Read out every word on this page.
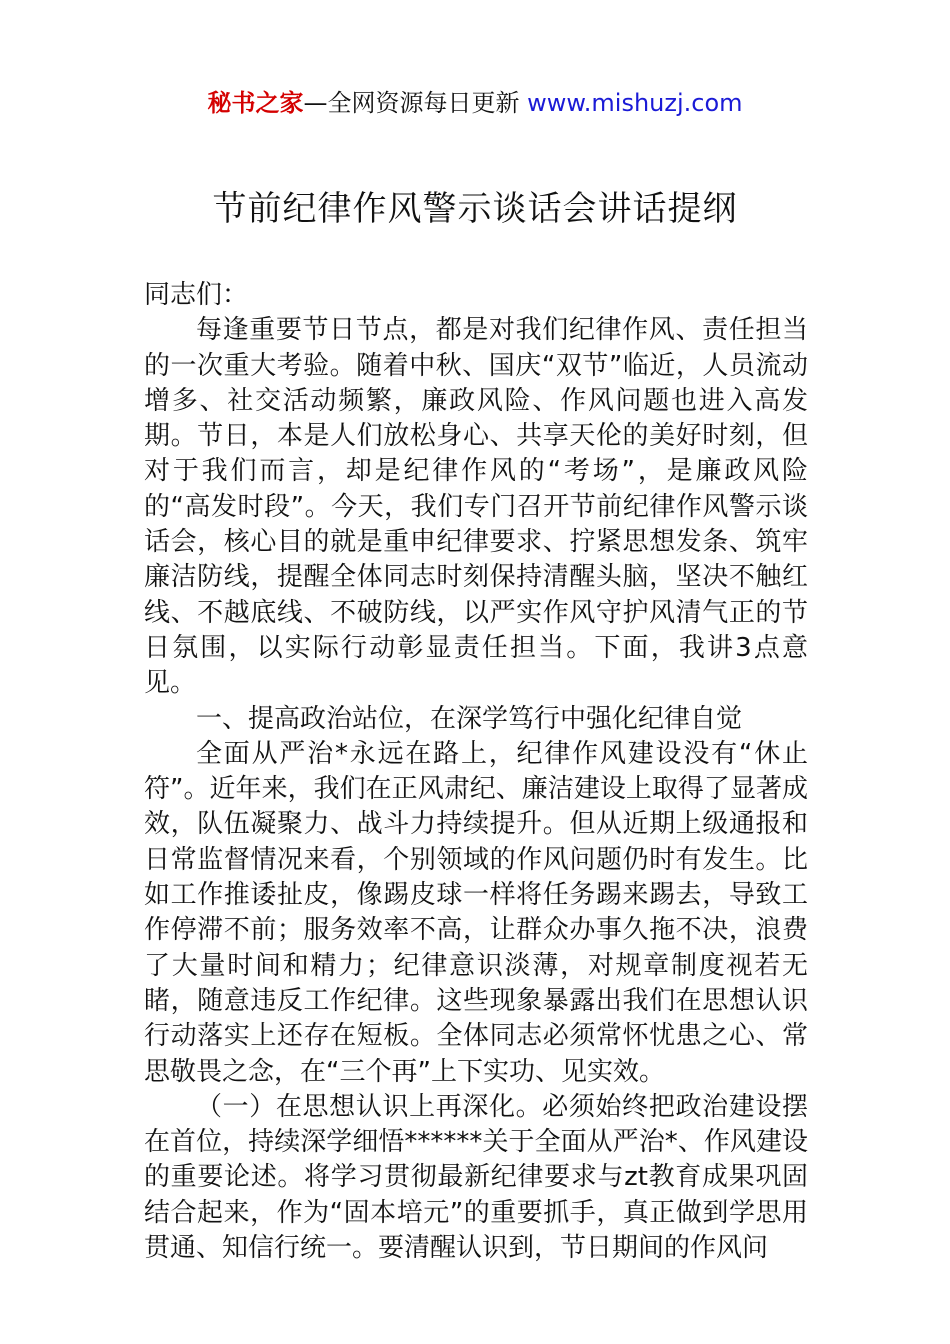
秘书之家—全网资源每日更新 www.mishuzj.com
节前纪律作风警示谈话会讲话提纲

同志们：

每逢重要节日节点，都是对我们纪律作风、责任担当的一次重大考验。随着中秋、国庆“双节”临近，人员流动增多、社交活动频繁，廉政风险、作风问题也进入高发期。节日，本是人们放松身心、共享天伦的美好时刻，但对于我们而言，却是纪律作风的“考场”，是廉政风险的“高发时段”。今天，我们专门召开节前纪律作风警示谈话会，核心目的就是重申纪律要求、拧紧思想发条、筑牢廉洁防线，提醒全体同志时刻保持清醒头脑，坚决不触红线、不越底线、不破防线，以严实作风守护风清气正的节日氛围，以实际行动彰显责任担当。下面，我讲3点意见。

一、提高政治站位，在深学笃行中强化纪律自觉

全面从严治*永远在路上，纪律作风建设没有“休止符”。近年来，我们在正风肃纪、廉洁建设上取得了显著成效，队伍凝聚力、战斗力持续提升。但从近期上级通报和日常监督情况来看，个别领域的作风问题仍时有发生。比如工作推诿扯皮，像踢皮球一样将任务踢来踢去，导致工作停滞不前；服务效率不高，让群众办事久拖不决，浪费了大量时间和精力；纪律意识淡薄，对规章制度视若无睹，随意违反工作纪律。这些现象暴露出我们在思想认识行动落实上还存在短板。全体同志必须常怀忧患之心、常思敬畏之念，在“三个再”上下实功、见实效。

（一）在思想认识上再深化。必须始终把政治建设摆在首位，持续深学细悟******关于全面从严治*、作风建设的重要论述。将学习贯彻最新纪律要求与zt教育成果巩固结合起来，作为“固本培元”的重要抓手，真正做到学思用贯通、知信行统一。要清醒认识到，节日期间的作风问
